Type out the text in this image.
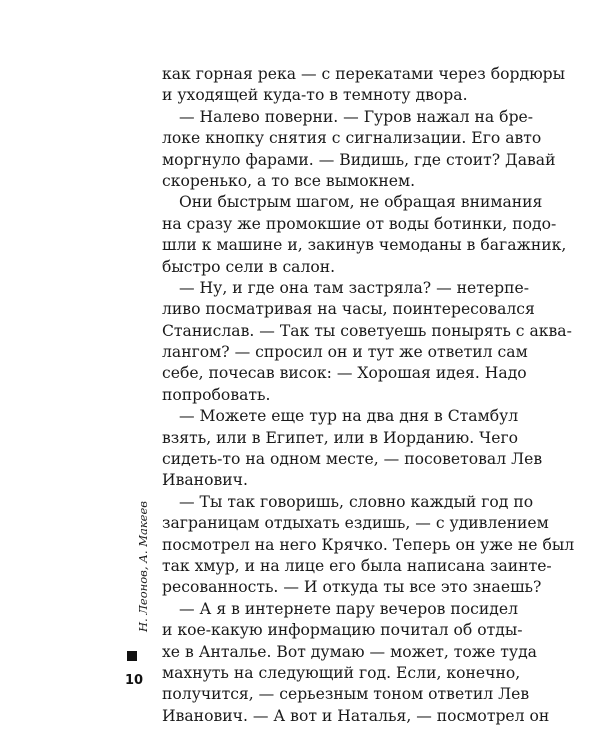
как горная река — с перекатами через бордюры
и уходящей куда-то в темноту двора.
— Налево поверни. — Гуров нажал на бре-
локе кнопку снятия с сигнализации. Его авто
моргнуло фарами. — Видишь, где стоит? Давай
скоренько, а то все вымокнем.
Они быстрым шагом, не обращая внимания
на сразу же промокшие от воды ботинки, подо-
шли к машине и, закинув чемоданы в багажник,
быстро сели в салон.
— Ну, и где она там застряла? — нетерпе-
ливо посматривая на часы, поинтересовался
Станислав. — Так ты советуешь понырять с аква-
лангом? — спросил он и тут же ответил сам
себе, почесав висок: — Хорошая идея. Надо
попробовать.
— Можете еще тур на два дня в Стамбул
взять, или в Египет, или в Иорданию. Чего
сидеть-то на одном месте, — посоветовал Лев
Иванович.
— Ты так говоришь, словно каждый год по
заграницам отдыхать ездишь, — с удивлением
посмотрел на него Крячко. Теперь он уже не был
так хмур, и на лице его была написана заинте-
ресованность. — И откуда ты все это знаешь?
— А я в интернете пару вечеров посидел
и кое-какую информацию почитал об отды-
хе в Анталье. Вот думаю — может, тоже туда
махнуть на следующий год. Если, конечно,
получится, — серьезным тоном ответил Лев
Иванович. — А вот и Наталья, — посмотрел он
Н. Леонов, А. Макеев
10
